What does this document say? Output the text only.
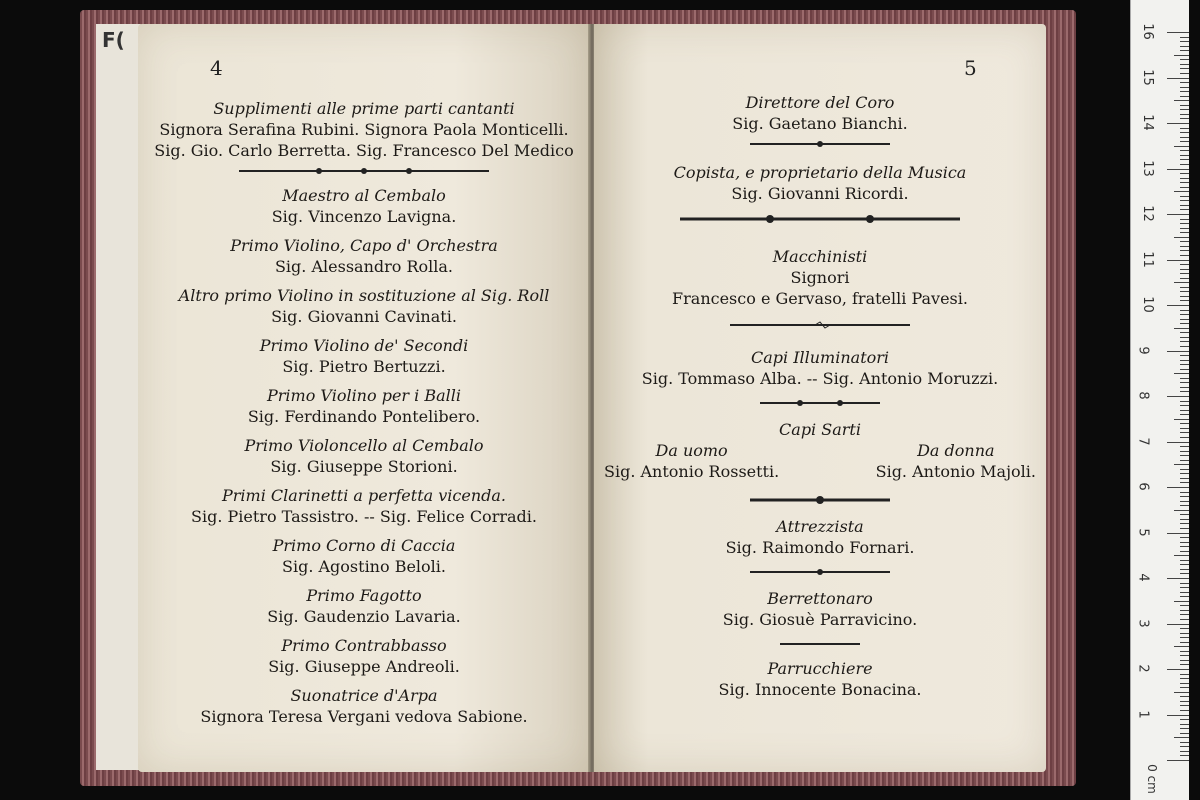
F(
4
Supplimenti alle prime parti cantanti
Signora Serafina Rubini. Signora Paola Monticelli.
Sig. Gio. Carlo Berretta. Sig. Francesco Del Medico
Maestro al Cembalo
Sig. Vincenzo Lavigna.
Primo Violino, Capo d' Orchestra
Sig. Alessandro Rolla.
Altro primo Violino in sostituzione al Sig. Roll
Sig. Giovanni Cavinati.
Primo Violino de' Secondi
Sig. Pietro Bertuzzi.
Primo Violino per i Balli
Sig. Ferdinando Pontelibero.
Primo Violoncello al Cembalo
Sig. Giuseppe Storioni.
Primi Clarinetti a perfetta vicenda.
Sig. Pietro Tassistro. -- Sig. Felice Corradi.
Primo Corno di Caccia
Sig. Agostino Beloli.
Primo Fagotto
Sig. Gaudenzio Lavaria.
Primo Contrabbasso
Sig. Giuseppe Andreoli.
Suonatrice d'Arpa
Signora Teresa Vergani vedova Sabione.
5
Direttore del Coro
Sig. Gaetano Bianchi.
Copista, e proprietario della Musica
Sig. Giovanni Ricordi.
Macchinisti
Signori
Francesco e Gervaso, fratelli Pavesi.
Capi Illuminatori
Sig. Tommaso Alba. -- Sig. Antonio Moruzzi.
Capi Sarti
Da uomo
Sig. Antonio Rossetti.
Da donna
Sig. Antonio Majoli.
Attrezzista
Sig. Raimondo Fornari.
Berrettonaro
Sig. Giosuè Parravicino.
Parrucchiere
Sig. Innocente Bonacina.
0 cm
1
2
3
4
5
6
7
8
9
10
11
12
13
14
15
16
